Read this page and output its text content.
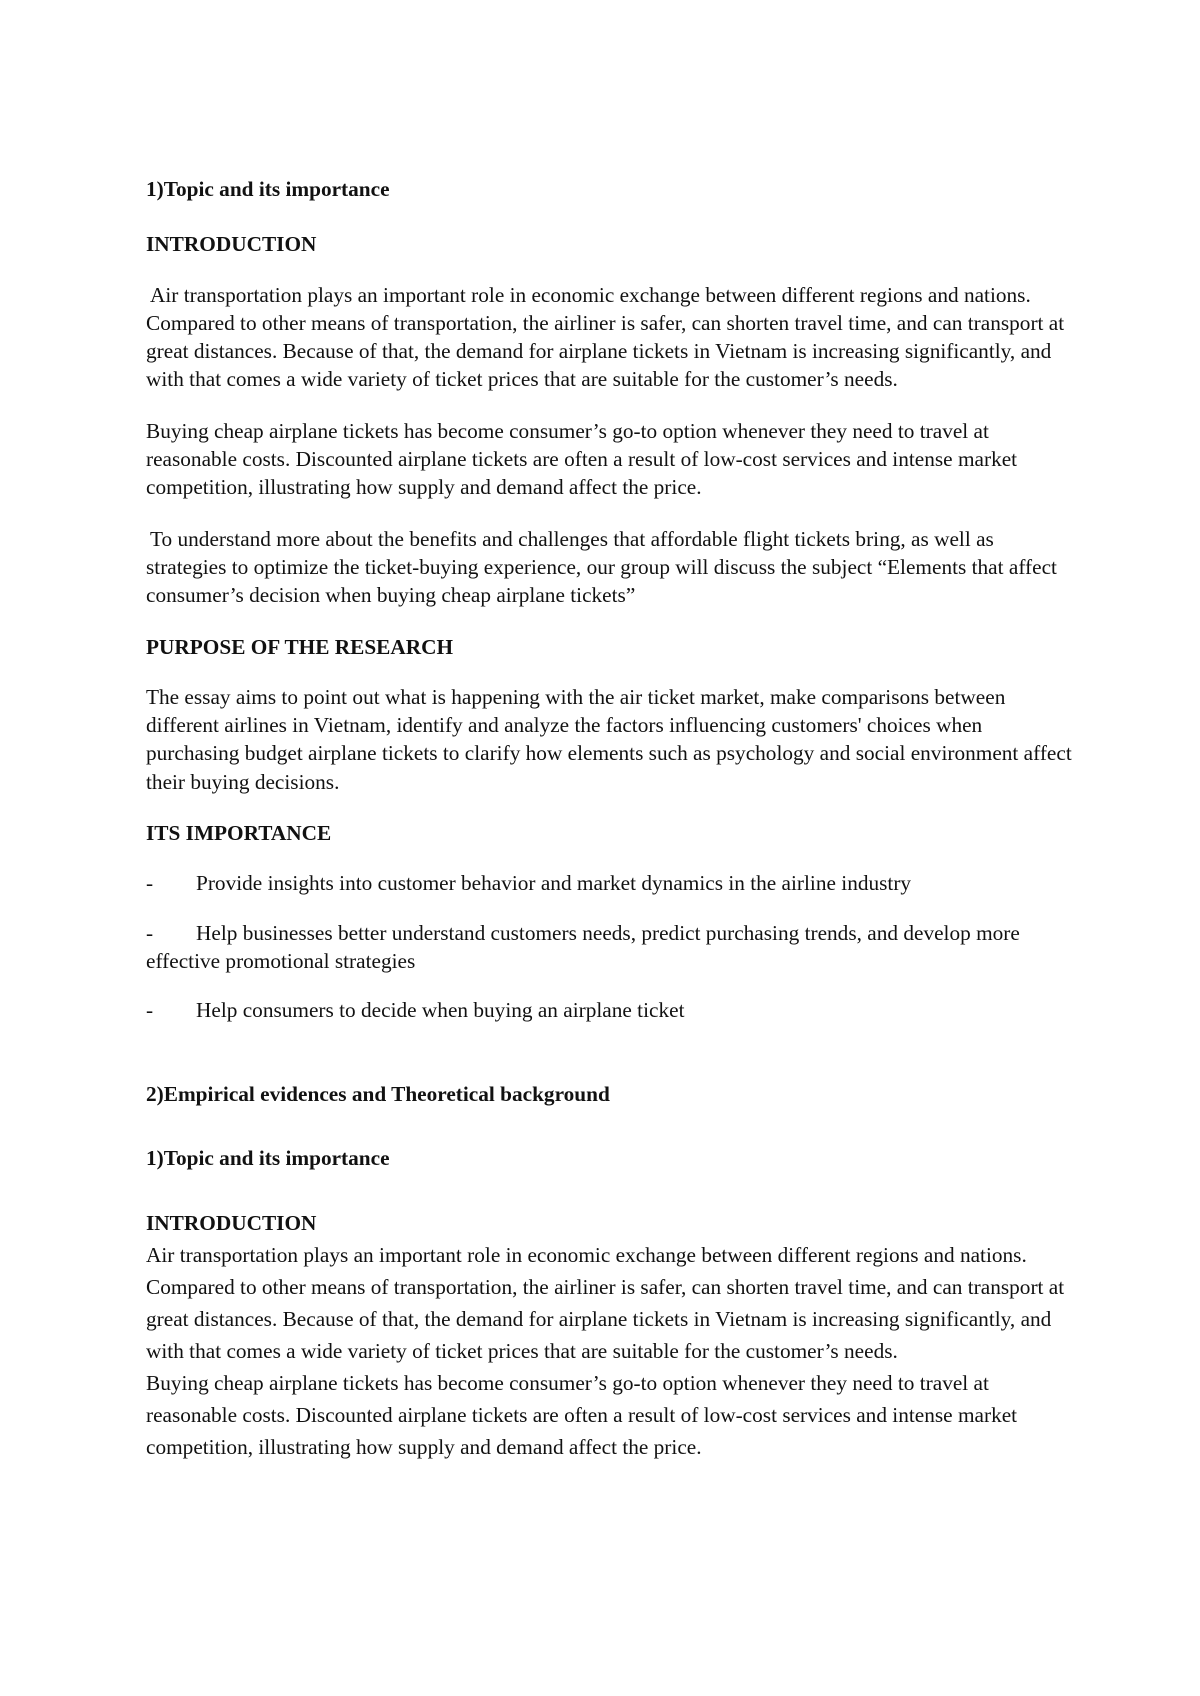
1)Topic and its importance

INTRODUCTION

Air transportation plays an important role in economic exchange between different regions and nations. Compared to other means of transportation, the airliner is safer, can shorten travel time, and can transport at great distances. Because of that, the demand for airplane tickets in Vietnam is increasing significantly, and with that comes a wide variety of ticket prices that are suitable for the customer’s needs.

Buying cheap airplane tickets has become consumer’s go-to option whenever they need to travel at reasonable costs. Discounted airplane tickets are often a result of low-cost services and intense market competition, illustrating how supply and demand affect the price.

To understand more about the benefits and challenges that affordable flight tickets bring, as well as strategies to optimize the ticket-buying experience, our group will discuss the subject “Elements that affect consumer’s decision when buying cheap airplane tickets”

PURPOSE OF THE RESEARCH

The essay aims to point out what is happening with the air ticket market, make comparisons between different airlines in Vietnam, identify and analyze the factors influencing customers' choices when purchasing budget airplane tickets to clarify how elements such as psychology and social environment affect their buying decisions.

ITS IMPORTANCE

- Provide insights into customer behavior and market dynamics in the airline industry
- Help businesses better understand customers needs, predict purchasing trends, and develop more effective promotional strategies
- Help consumers to decide when buying an airplane ticket

2)Empirical evidences and Theoretical background

1)Topic and its importance

INTRODUCTION

Air transportation plays an important role in economic exchange between different regions and nations. Compared to other means of transportation, the airliner is safer, can shorten travel time, and can transport at great distances. Because of that, the demand for airplane tickets in Vietnam is increasing significantly, and with that comes a wide variety of ticket prices that are suitable for the customer’s needs.

Buying cheap airplane tickets has become consumer’s go-to option whenever they need to travel at reasonable costs. Discounted airplane tickets are often a result of low-cost services and intense market competition, illustrating how supply and demand affect the price.
